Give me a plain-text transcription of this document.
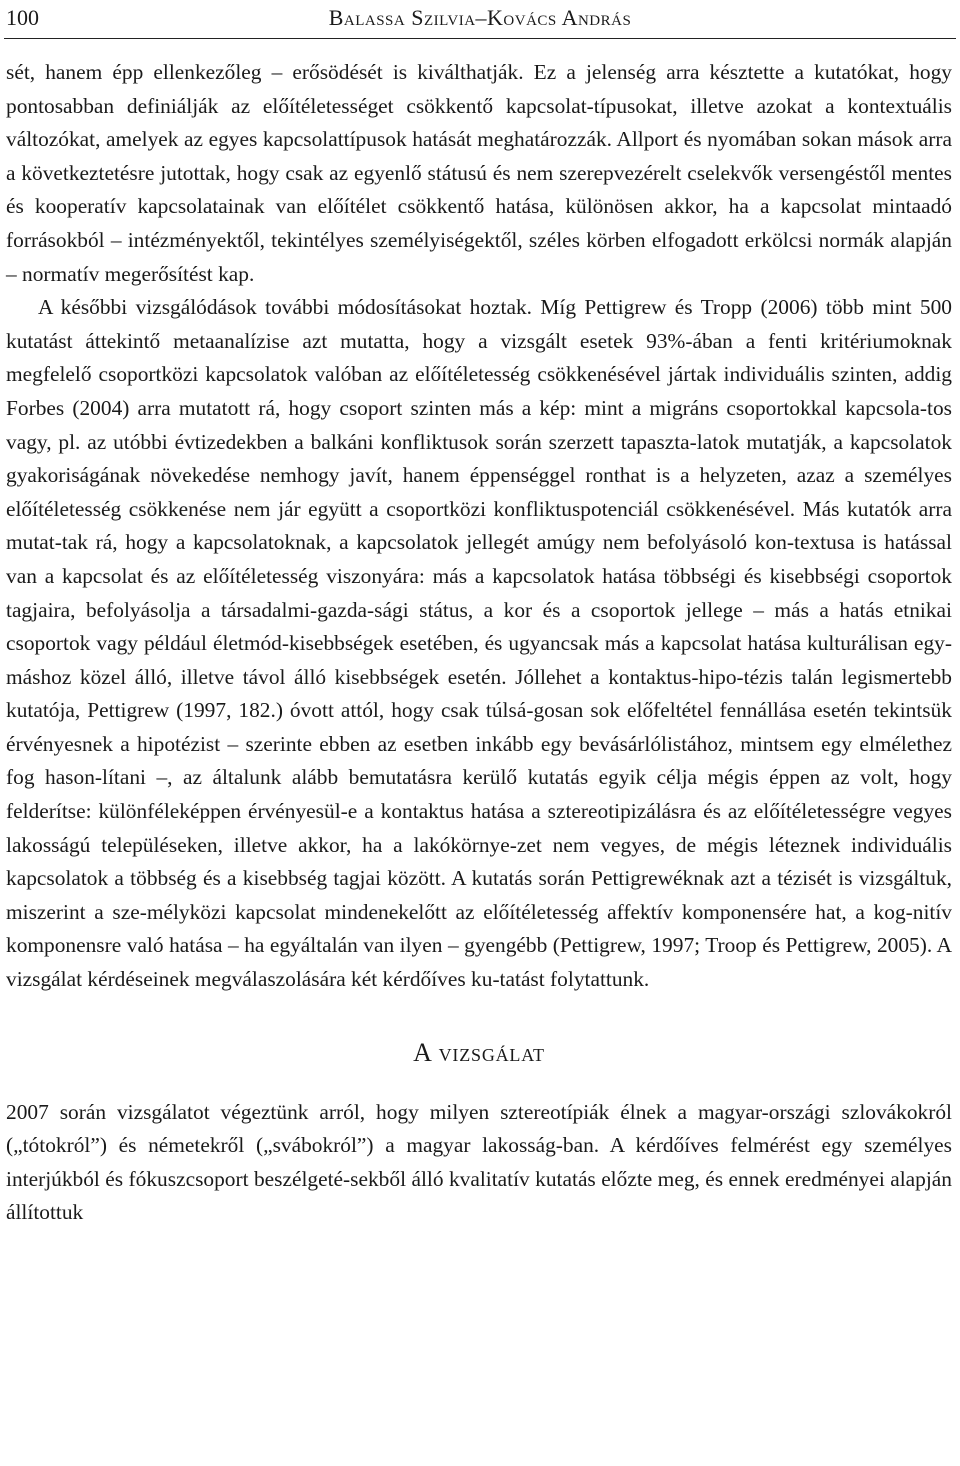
100	Balassa Szilvia–Kovács András

sét, hanem épp ellenkezőleg – erősödését is kiválthatják. Ez a jelenség arra késztette a kutatókat, hogy pontosabban definiálják az előítéletességet csökkentő kapcsolat-típusokat, illetve azokat a kontextuális változókat, amelyek az egyes kapcsolattípusok hatását meghatározzák. Allport és nyomában sokan mások arra a következtetésre jutottak, hogy csak az egyenlő státusú és nem szerepvezérelt cselekvők versengéstől mentes és kooperatív kapcsolatainak van előítélet csökkentő hatása, különösen akkor, ha a kapcsolat mintaadó forrásokból – intézményektől, tekintélyes személyiségektől, széles körben elfogadott erkölcsi normák alapján – normatív megerősítést kap.

A későbbi vizsgálódások további módosításokat hoztak. Míg Pettigrew és Tropp (2006) több mint 500 kutatást áttekintő metaanalízise azt mutatta, hogy a vizsgált esetek 93%-ában a fenti kritériumoknak megfelelő csoportközi kapcsolatok valóban az előítéletesség csökkenésével jártak individuális szinten, addig Forbes (2004) arra mutatott rá, hogy csoport szinten más a kép: mint a migráns csoportokkal kapcsola-tos vagy, pl. az utóbbi évtizedekben a balkáni konfliktusok során szerzett tapaszta-latok mutatják, a kapcsolatok gyakoriságának növekedése nemhogy javít, hanem éppenséggel ronthat is a helyzeten, azaz a személyes előítéletesség csökkenése nem jár együtt a csoportközi konfliktuspotenciál csökkenésével. Más kutatók arra mutat-tak rá, hogy a kapcsolatoknak, a kapcsolatok jellegét amúgy nem befolyásoló kon-textusa is hatással van a kapcsolat és az előítéletesség viszonyára: más a kapcsolatok hatása többségi és kisebbségi csoportok tagjaira, befolyásolja a társadalmi-gazda-sági státus, a kor és a csoportok jellege – más a hatás etnikai csoportok vagy például életmód-kisebbségek esetében, és ugyancsak más a kapcsolat hatása kulturálisan egy-máshoz közel álló, illetve távol álló kisebbségek esetén. Jóllehet a kontaktus-hipo-tézis talán legismertebb kutatója, Pettigrew (1997, 182.) óvott attól, hogy csak túlsá-gosan sok előfeltétel fennállása esetén tekintsük érvényesnek a hipotézist – szerinte ebben az esetben inkább egy bevásárlólistához, mintsem egy elmélethez fog hason-lítani –, az általunk alább bemutatásra kerülő kutatás egyik célja mégis éppen az volt, hogy felderítse: különféleképpen érvényesül-e a kontaktus hatása a sztereotipizálásra és az előítéletességre vegyes lakosságú településeken, illetve akkor, ha a lakókörnye-zet nem vegyes, de mégis léteznek individuális kapcsolatok a többség és a kisebbség tagjai között. A kutatás során Pettigrewéknak azt a tézisét is vizsgáltuk, miszerint a sze-mélyközi kapcsolat mindenekelőtt az előítéletesség affektív komponensére hat, a kog-nitív komponensre való hatása – ha egyáltalán van ilyen – gyengébb (Pettigrew, 1997; Troop és Pettigrew, 2005). A vizsgálat kérdéseinek megválaszolására két kérdőíves ku-tatást folytattunk.

A vizsgálat

2007 során vizsgálatot végeztünk arról, hogy milyen sztereotípiák élnek a magyar-országi szlovákokról („tótokról”) és németekről („svábokról”) a magyar lakosság-ban. A kérdőíves felmérést egy személyes interjúkból és fókuszcsoport beszélgeté-sekből álló kvalitatív kutatás előzte meg, és ennek eredményei alapján állítottuk
